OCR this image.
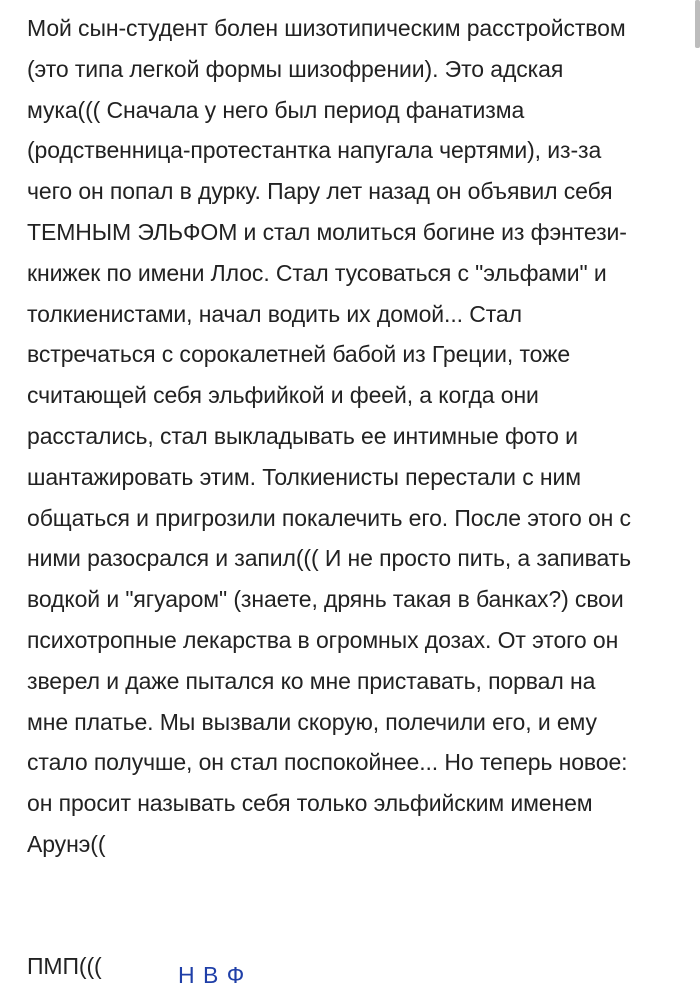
Мой сын-студент болен шизотипическим расстройством
(это типа легкой формы шизофрении). Это адская
мука((( Сначала у него был период фанатизма
(родственница-протестантка напугала чертями), из-за
чего он попал в дурку. Пару лет назад он объявил себя
ТЕМНЫМ ЭЛЬФОМ и стал молиться богине из фэнтези-
книжек по имени Ллос. Стал тусоваться с "эльфами" и
толкиенистами, начал водить их домой... Стал
встречаться с сорокалетней бабой из Греции, тоже
считающей себя эльфийкой и феей, а когда они
расстались, стал выкладывать ее интимные фото и
шантажировать этим. Толкиенисты перестали с ним
общаться и пригрозили покалечить его. После этого он с
ними разосрался и запил((( И не просто пить, а запивать
водкой и "ягуаром" (знаете, дрянь такая в банках?) свои
психотропные лекарства в огромных дозах. От этого он
зверел и даже пытался ко мне приставать, порвал на
мне платье. Мы вызвали скорую, полечили его, и ему
стало получше, он стал поспокойнее... Но теперь новое:
он просит называть себя только эльфийским именем
Арунэ((
ПМП(((	Н В Ф
